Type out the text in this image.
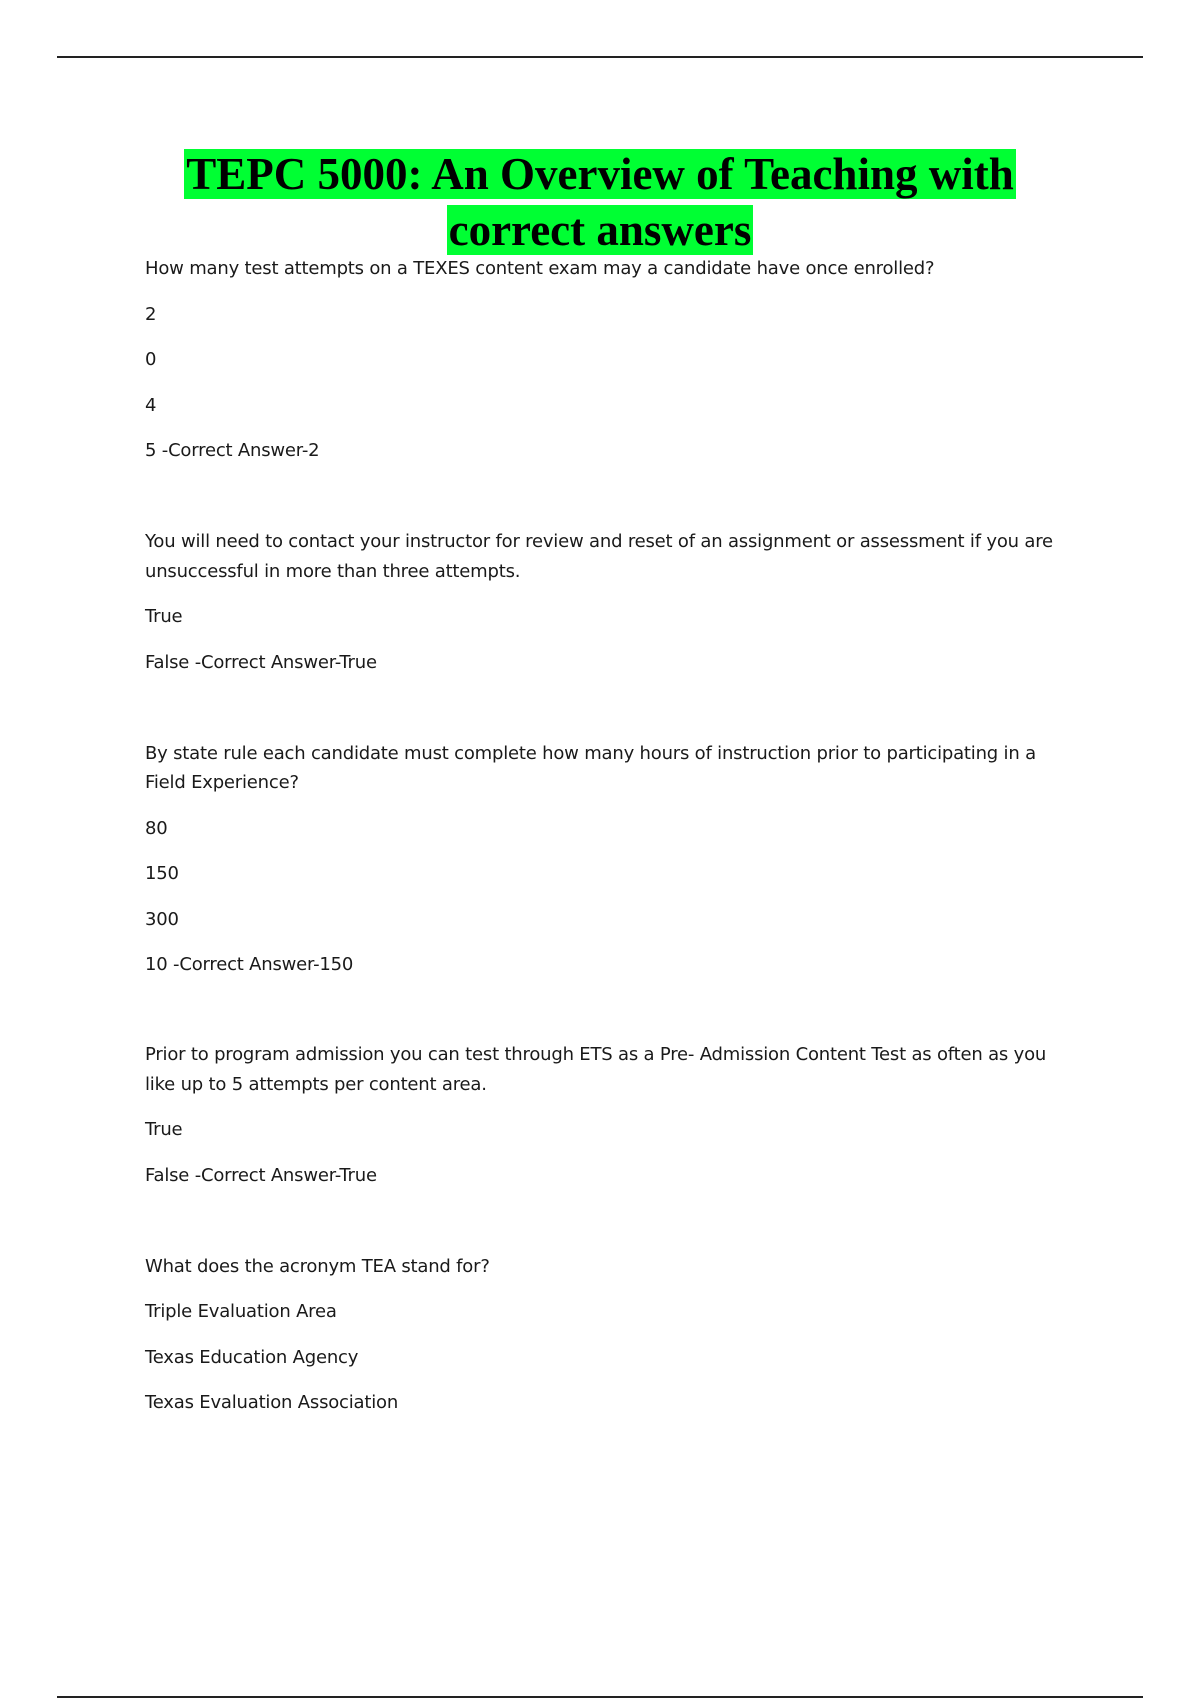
TEPC 5000: An Overview of Teaching with
correct answers

How many test attempts on a TEXES content exam may a candidate have once enrolled?

2

0

4

5 -Correct Answer-2

You will need to contact your instructor for review and reset of an assignment or assessment if you are

unsuccessful in more than three attempts.

True

False -Correct Answer-True

By state rule each candidate must complete how many hours of instruction prior to participating in a

Field Experience?

80

150

300

10 -Correct Answer-150

Prior to program admission you can test through ETS as a Pre- Admission Content Test as often as you

like up to 5 attempts per content area.

True

False -Correct Answer-True

What does the acronym TEA stand for?

Triple Evaluation Area

Texas Education Agency

Texas Evaluation Association
